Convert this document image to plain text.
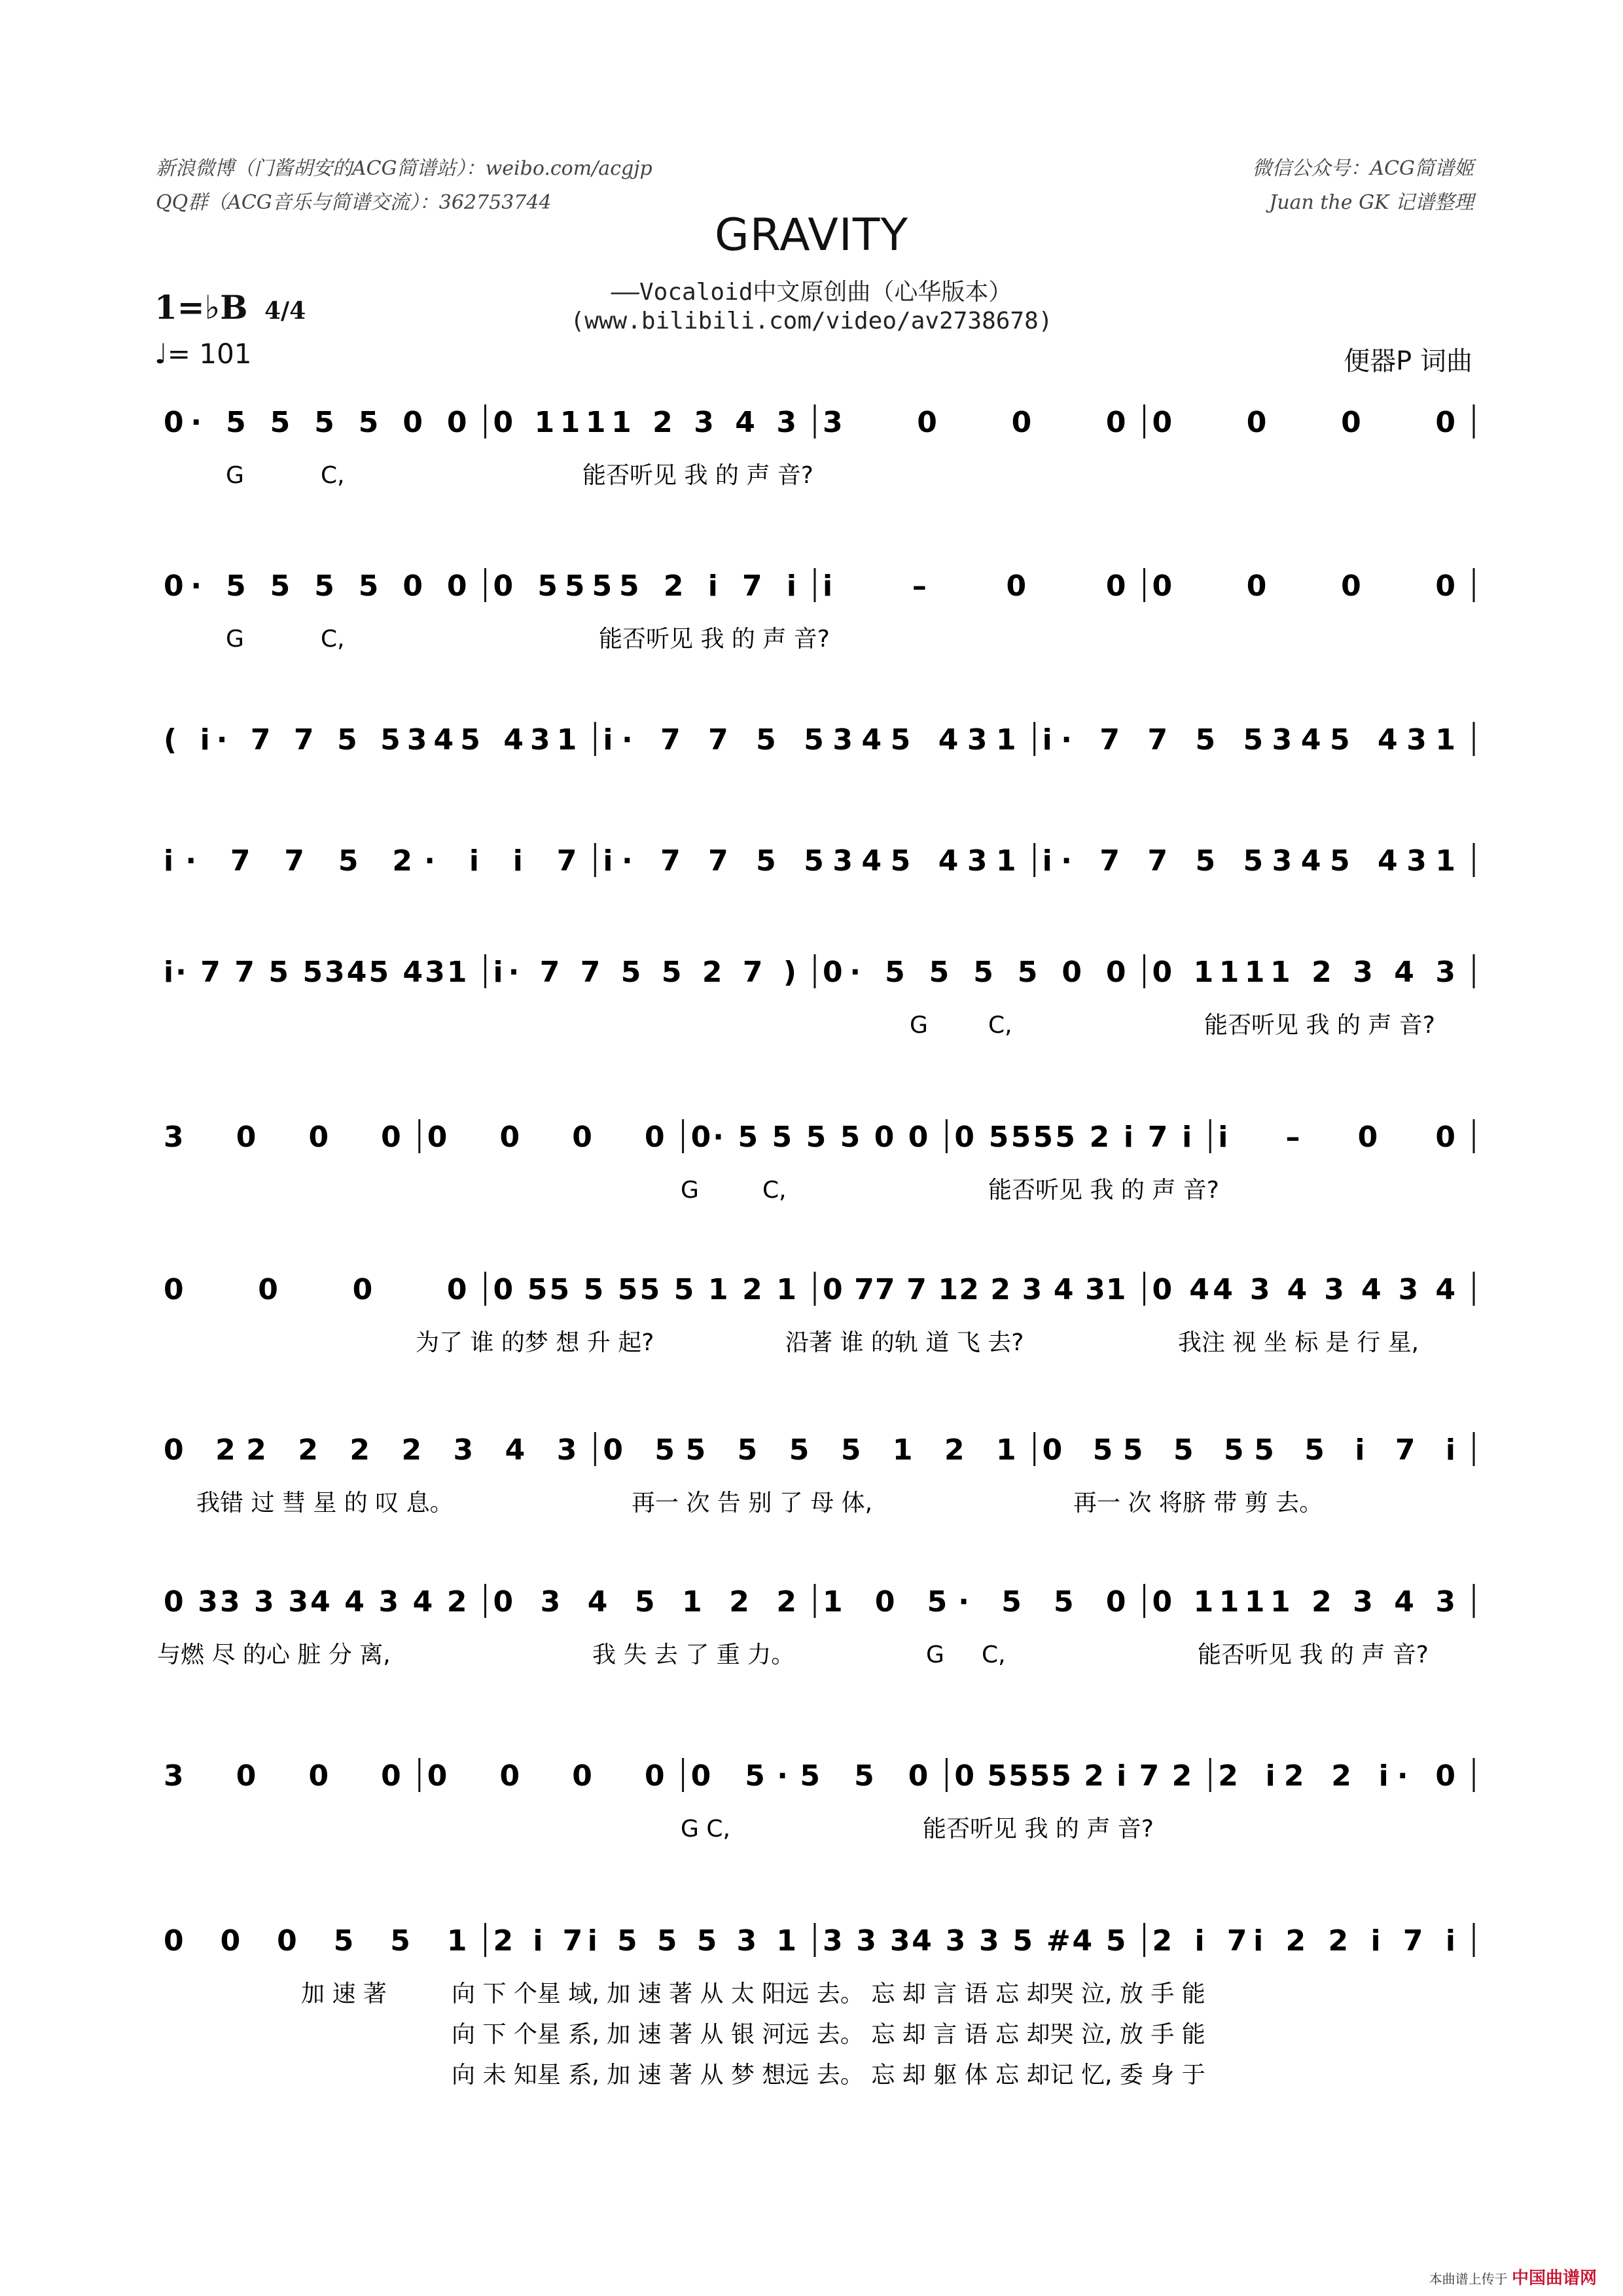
新浪微博（门酱胡安的ACG简谱站）：weibo.com/acgjp
QQ群（ACG音乐与简谱交流）：362753744
微信公众号：ACG简谱姬
Juan the GK 记谱整理
GRAVITY
——Vocaloid中文原创曲（心华版本）
(www.bilibili.com/video/av2738678)
1=♭B 4/4
♩= 101	便器P 词曲
0· 5 5 5 5 0 0 0 1111 2 3 4 3 3 0 0 0 0 0 0 0
G	C,	能否听见 我 的 声 音?
0· 5 5 5 5 0 0 0 5555 2 i 7 i i – 0 0 0 0 0 0
G	C,	能否听见 我 的 声 音?
( i· 7 7 5 5345 431 i· 7 7 5 5345 431 i· 7 7 5 5345 431
i· 7 7 5 2· i i 7 i· 7 7 5 5345 431 i· 7 7 5 5345 431
i· 7 7 5 5345 431 i· 7 7 5 5 2 7 ) 0· 5 5 5 5 0 0 0 1111 2 3 4 3
G	C,	能否听见 我 的 声 音?
3 0 0 0 0 0 0 0 0· 5 5 5 5 0 0 0 5555 2 i 7 i i – 0 0
G	C,	能否听见 我 的 声 音?
0 0 0 0 0 55 5 55 5 1 2 1 0 77 7 12 2 3 4 31 0 44 3 4 3 4 3 4
为了 谁 的梦 想 升 起?	沿著 谁 的轨 道 飞 去?	我注 视 坐 标 是 行 星,
0 22 2 2 2 3 4 3 0 55 5 5 5 1 2 1 0 55 5 55 5 i 7 i
我错 过 彗 星 的 叹 息。	再一 次 告 别 了 母 体,	再一 次 将脐 带 剪 去。
0 33 3 34 4 3 4 2 0 3 4 5 1 2 2 1 0 5· 5 5 0 0 1111 2 3 4 3
与燃 尽 的心 脏 分 离,	我 失 去 了 重 力。	G C,	能否听见 我 的 声 音?
3 0 0 0 0 0 0 0 0 5·5 5 0 0 5555 2 i 7 2 2 i2 2 i· 0
G C,	能否听见 我 的 声 音?
0 0 0 5 5 1 2 i 7i 5 5 5 3 1 3 3 34 3 3 5 #4 5 2 i 7i 2 2 i 7 i
加 速 著	向 下 个星 域, 加 速 著 从 太 阳远 去。 忘 却 言 语 忘 却哭 泣, 放 手 能
向 下 个星 系, 加 速 著 从 银 河远 去。 忘 却 言 语 忘 却哭 泣, 放 手 能
向 未 知星 系, 加 速 著 从 梦 想远 去。 忘 却 躯 体 忘 却记 忆, 委 身 于
本曲谱上传于 中国曲谱网
